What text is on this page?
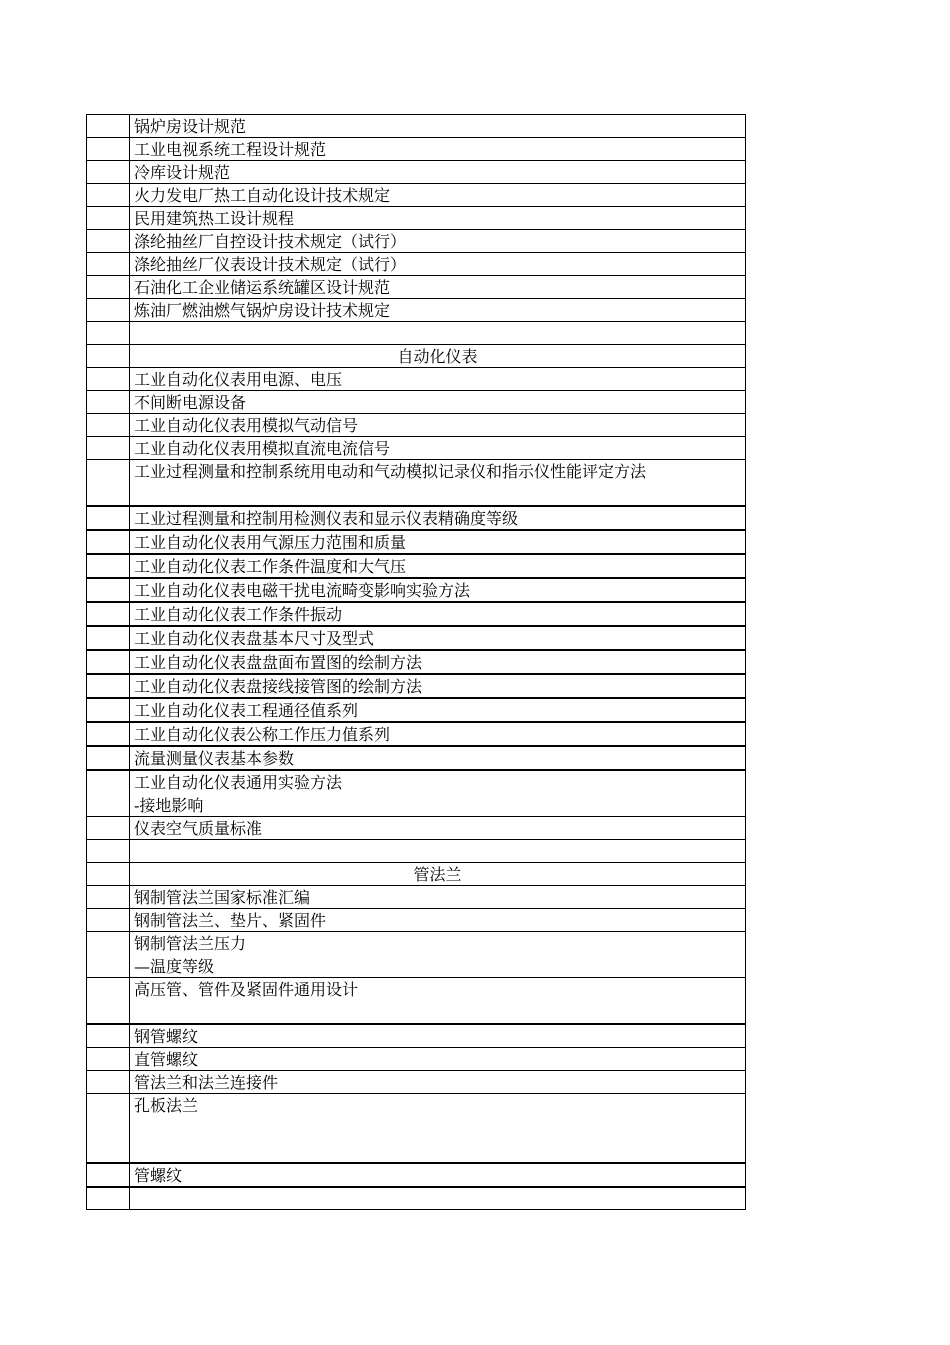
锅炉房设计规范
工业电视系统工程设计规范
冷库设计规范
火力发电厂热工自动化设计技术规定
民用建筑热工设计规程
涤纶抽丝厂自控设计技术规定（试行）
涤纶抽丝厂仪表设计技术规定（试行）
石油化工企业储运系统罐区设计规范
炼油厂燃油燃气锅炉房设计技术规定
自动化仪表
工业自动化仪表用电源、电压
不间断电源设备
工业自动化仪表用模拟气动信号
工业自动化仪表用模拟直流电流信号
工业过程测量和控制系统用电动和气动模拟记录仪和指示仪性能评定方法
工业过程测量和控制用检测仪表和显示仪表精确度等级
工业自动化仪表用气源压力范围和质量
工业自动化仪表工作条件温度和大气压
工业自动化仪表电磁干扰电流畸变影响实验方法
工业自动化仪表工作条件振动
工业自动化仪表盘基本尺寸及型式
工业自动化仪表盘盘面布置图的绘制方法
工业自动化仪表盘接线接管图的绘制方法
工业自动化仪表工程通径值系列
工业自动化仪表公称工作压力值系列
流量测量仪表基本参数
工业自动化仪表通用实验方法
-接地影响
仪表空气质量标准
管法兰
钢制管法兰国家标准汇编
钢制管法兰、垫片、紧固件
钢制管法兰压力
—温度等级
高压管、管件及紧固件通用设计
钢管螺纹
直管螺纹
管法兰和法兰连接件
孔板法兰
管螺纹
